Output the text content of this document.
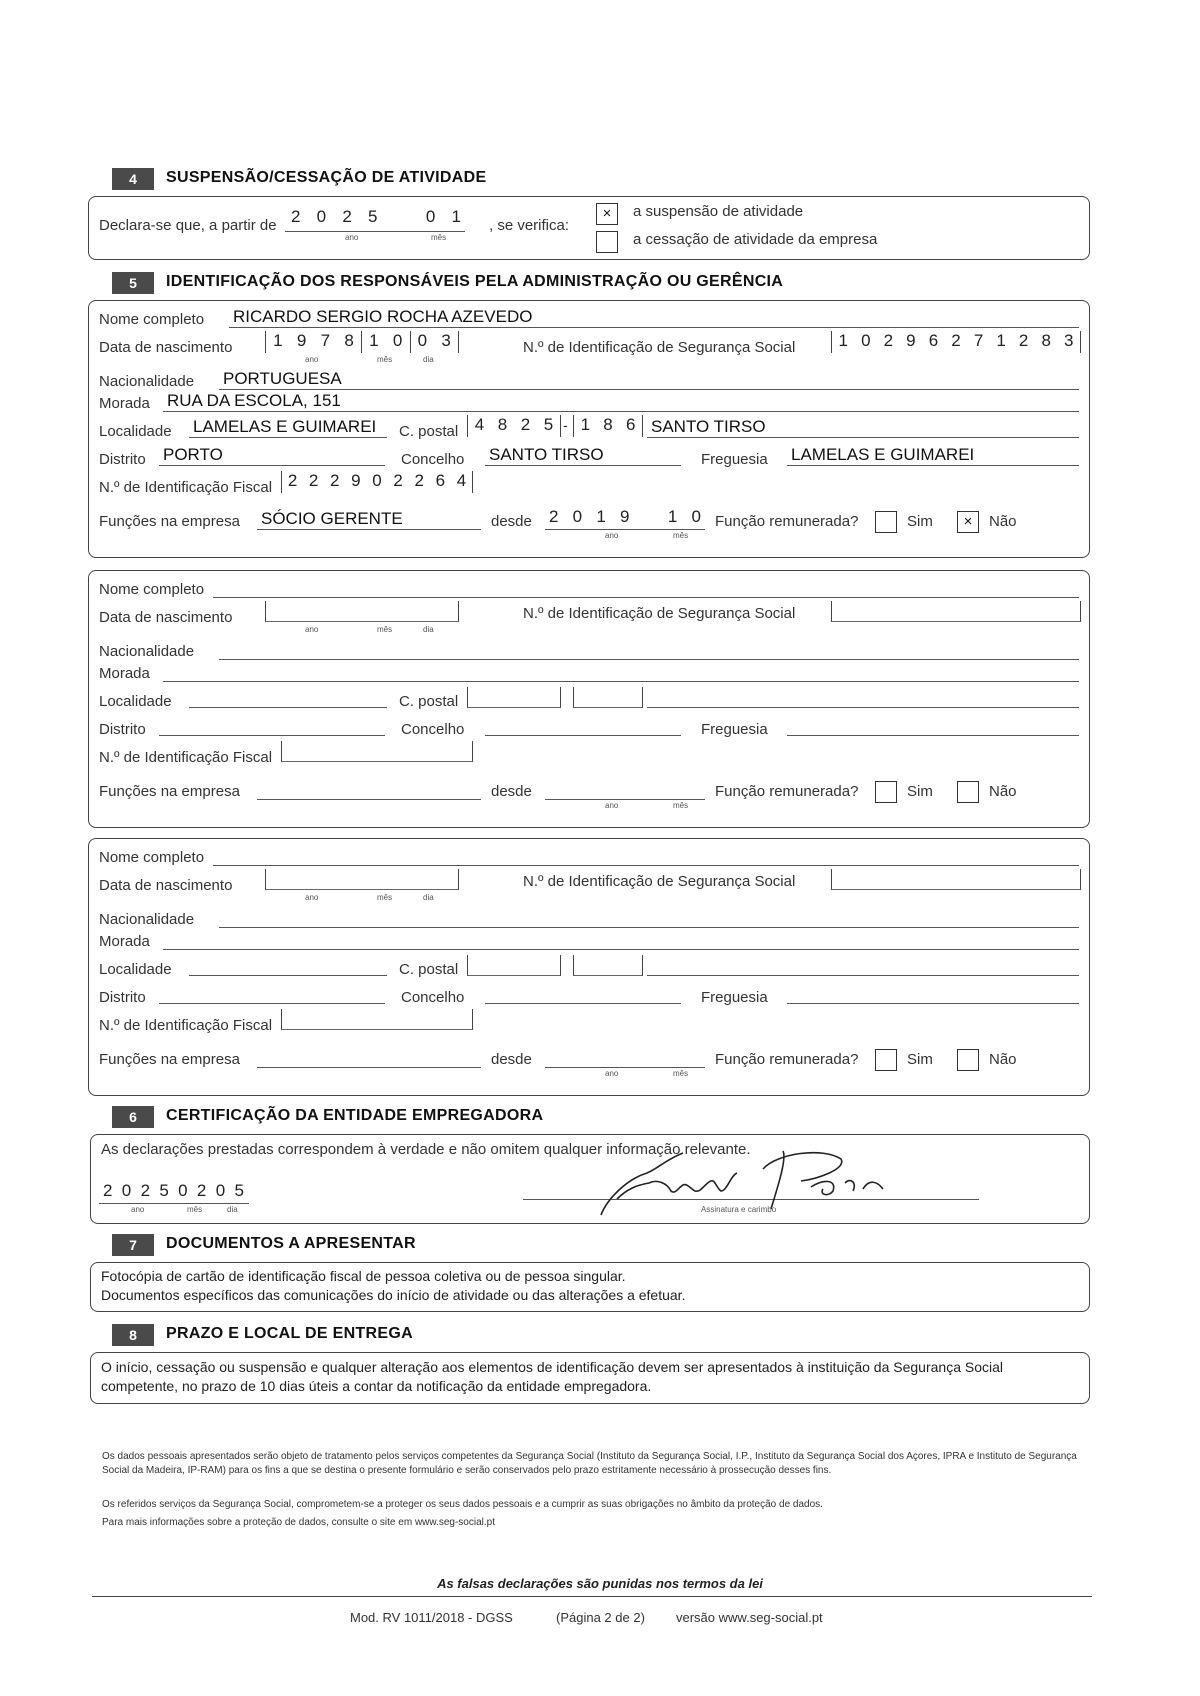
4	SUSPENSÃO/CESSAÇÃO DE ATIVIDADE
Declara-se que, a partir de 2 0 2 5	0 1
ano	mês
, se verifica:
×	a suspensão de atividade
a cessação de atividade da empresa
5	IDENTIFICAÇÃO DOS RESPONSÁVEIS PELA ADMINISTRAÇÃO OU GERÊNCIA
Nome completo RICARDO SERGIO ROCHA AZEVEDO
Data de nascimento	1 9 7 8 1 0 0 3
ano	mês	dia
N.º de Identificação de Segurança Social	1 0 2 9 6 2 7 1 2 8 3
Nacionalidade PORTUGUESA
Morada RUA DA ESCOLA, 151
Localidade LAMELAS E GUIMAREI C. postal 4 8 2 5 - 1 8 6 SANTO TIRSO
Distrito PORTO	Concelho SANTO TIRSO	Freguesia LAMELAS E GUIMAREI
N.º de Identificação Fiscal 2 2 2 9 0 2 2 6 4
Funções na empresa SÓCIO GERENTE	desde 2 0 1 9 1 0
ano	mês
Função remunerada?	Sim	×	Não
Nome completo
Data de nascimento
ano	mês	dia
N.º de Identificação de Segurança Social
Nacionalidade
Morada
Localidade	C. postal
Distrito	Concelho	Freguesia
N.º de Identificação Fiscal
Funções na empresa	desde
ano	mês
Função remunerada?	Sim	Não
Nome completo
Data de nascimento
ano	mês	dia
N.º de Identificação de Segurança Social
Nacionalidade
Morada
Localidade	C. postal
Distrito	Concelho	Freguesia
N.º de Identificação Fiscal
Funções na empresa	desde
ano	mês
Função remunerada?	Sim	Não
6	CERTIFICAÇÃO DA ENTIDADE EMPREGADORA
As declarações prestadas correspondem à verdade e não omitem qualquer informação relevante.
2 0 2 5 0 2 0 5
ano	mês	dia	Assinatura e carimbo
7	DOCUMENTOS A APRESENTAR
Fotocópia de cartão de identificação fiscal de pessoa coletiva ou de pessoa singular.
Documentos específicos das comunicações do início de atividade ou das alterações a efetuar.
8	PRAZO E LOCAL DE ENTREGA
O início, cessação ou suspensão e qualquer alteração aos elementos de identificação devem ser apresentados à instituição da Segurança Social competente, no prazo de 10 dias úteis a contar da notificação da entidade empregadora.
Os dados pessoais apresentados serão objeto de tratamento pelos serviços competentes da Segurança Social (Instituto da Segurança Social, I.P., Instituto da Segurança Social dos Açores, IPRA e Instituto de Segurança Social da Madeira, IP-RAM) para os fins a que se destina o presente formulário e serão conservados pelo prazo estritamente necessário à prossecução desses fins.
Os referidos serviços da Segurança Social, comprometem-se a proteger os seus dados pessoais e a cumprir as suas obrigações no âmbito da proteção de dados.
Para mais informações sobre a proteção de dados, consulte o site em www.seg-social.pt
As falsas declarações são punidas nos termos da lei
Mod. RV 1011/2018 - DGSS	(Página 2 de 2) versão www.seg-social.pt
